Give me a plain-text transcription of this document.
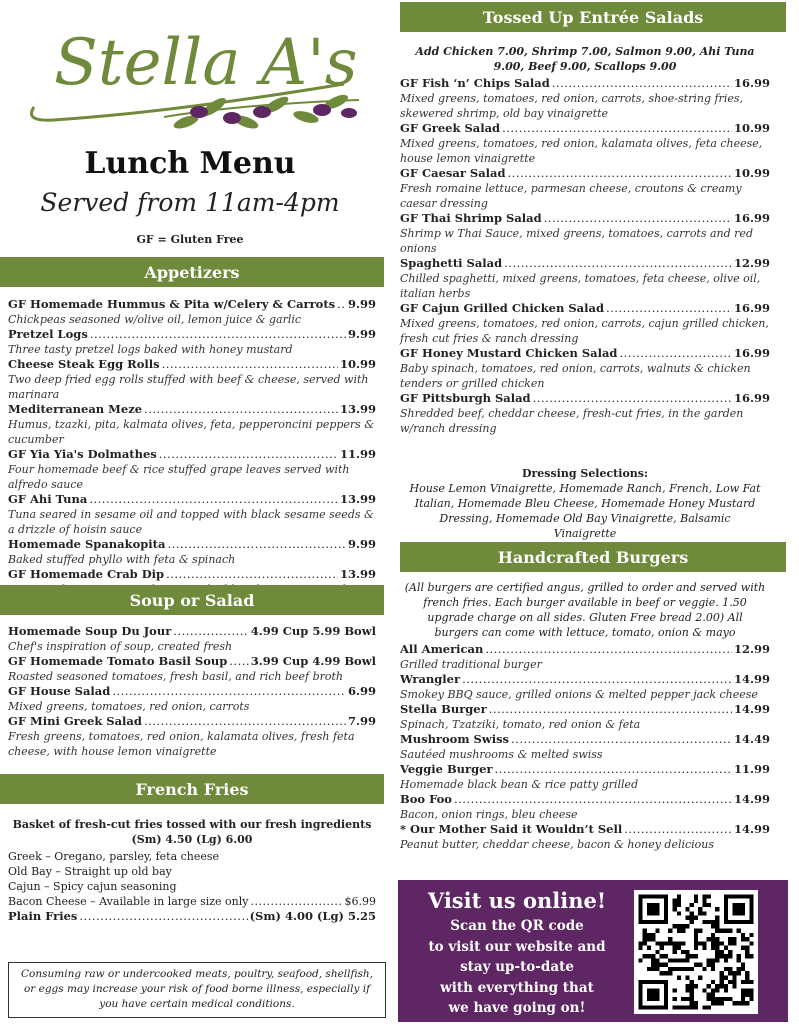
Stella A's
Lunch Menu
Served from 11am-4pm
GF = Gluten Free
Appetizers
GF Homemade Hummus & Pita w/Celery & Carrots ..... 9.99
Chickpeas seasoned w/olive oil, lemon juice & garlic
Pretzel Logs .....	9.99
Three tasty pretzel logs baked with honey mustard
Cheese Steak Egg Rolls .....	10.99
Two deep fried egg rolls stuffed with beef & cheese, served with marinara
Mediterranean Meze .....	13.99
Humus, tzazki, pita, kalmata olives, feta, pepperoncini peppers & cucumber
GF Yia Yia's Dolmathes .....	11.99
Four homemade beef & rice stuffed grape leaves served with alfredo sauce
GF Ahi Tuna .....	13.99
Tuna seared in sesame oil and topped with black sesame seeds & a drizzle of hoisin sauce
Homemade Spanakopita .....	9.99
Baked stuffed phyllo with feta & spinach
GF Homemade Crab Dip .....	13.99
Soup or Salad
Homemade Soup Du Jour .....	4.99 Cup 5.99 Bowl
Chef's inspiration of soup, created fresh
GF Homemade Tomato Basil Soup ..... 3.99 Cup 4.99 Bowl
Roasted seasoned tomatoes, fresh basil, and rich beef broth
GF House Salad .....	6.99
Mixed greens, tomatoes, red onion, carrots
GF Mini Greek Salad .....	7.99
Fresh greens, tomatoes, red onion, kalamata olives, fresh feta cheese, with house lemon vinaigrette
French Fries
Basket of fresh-cut fries tossed with our fresh ingredients
(Sm) 4.50 (Lg) 6.00
Greek – Oregano, parsley, feta cheese
Old Bay – Straight up old bay
Cajun – Spicy cajun seasoning
Bacon Cheese – Available in large size only .....	$6.99
Plain Fries .....	(Sm) 4.00 (Lg) 5.25
Consuming raw or undercooked meats, poultry, seafood, shellfish, or eggs may increase your risk of food borne illness, especially if you have certain medical conditions.
Tossed Up Entrée Salads
Add Chicken 7.00, Shrimp 7.00, Salmon 9.00, Ahi Tuna 9.00, Beef 9.00, Scallops 9.00
GF Fish ‘n’ Chips Salad .....	16.99
Mixed greens, tomatoes, red onion, carrots, shoe-string fries, skewered shrimp, old bay vinaigrette
GF Greek Salad .....	10.99
Mixed greens, tomatoes, red onion, kalamata olives, feta cheese, house lemon vinaigrette
GF Caesar Salad .....	10.99
Fresh romaine lettuce, parmesan cheese, croutons & creamy caesar dressing
GF Thai Shrimp Salad .....	16.99
Shrimp w Thai Sauce, mixed greens, tomatoes, carrots and red onions
Spaghetti Salad .....	12.99
Chilled spaghetti, mixed greens, tomatoes, feta cheese, olive oil, italian herbs
GF Cajun Grilled Chicken Salad .....	16.99
Mixed greens, tomatoes, red onion, carrots, cajun grilled chicken, fresh cut fries & ranch dressing
GF Honey Mustard Chicken Salad .....	16.99
Baby spinach, tomatoes, red onion, carrots, walnuts & chicken tenders or grilled chicken
GF Pittsburgh Salad .....	16.99
Shredded beef, cheddar cheese, fresh-cut fries, in the garden w/ranch dressing
Dressing Selections:
House Lemon Vinaigrette, Homemade Ranch, French, Low Fat Italian, Homemade Bleu Cheese, Homemade Honey Mustard Dressing, Homemade Old Bay Vinaigrette, Balsamic Vinaigrette
Handcrafted Burgers
(All burgers are certified angus, grilled to order and served with french fries. Each burger available in beef or veggie. 1.50 upgrade charge on all sides. Gluten Free bread 2.00) All burgers can come with lettuce, tomato, onion & mayo
All American .....	12.99
Grilled traditional burger
Wrangler .....	14.99
Smokey BBQ sauce, grilled onions & melted pepper jack cheese
Stella Burger .....	14.99
Spinach, Tzatziki, tomato, red onion & feta
Mushroom Swiss .....	14.49
Sautéed mushrooms & melted swiss
Veggie Burger .....	11.99
Homemade black bean & rice patty grilled
Boo Foo .....	14.99
Bacon, onion rings, bleu cheese
* Our Mother Said it Wouldn’t Sell .....	14.99
Peanut butter, cheddar cheese, bacon & honey delicious
Visit us online!
Scan the QR code
to visit our website and
stay up-to-date
with everything that
we have going on!
